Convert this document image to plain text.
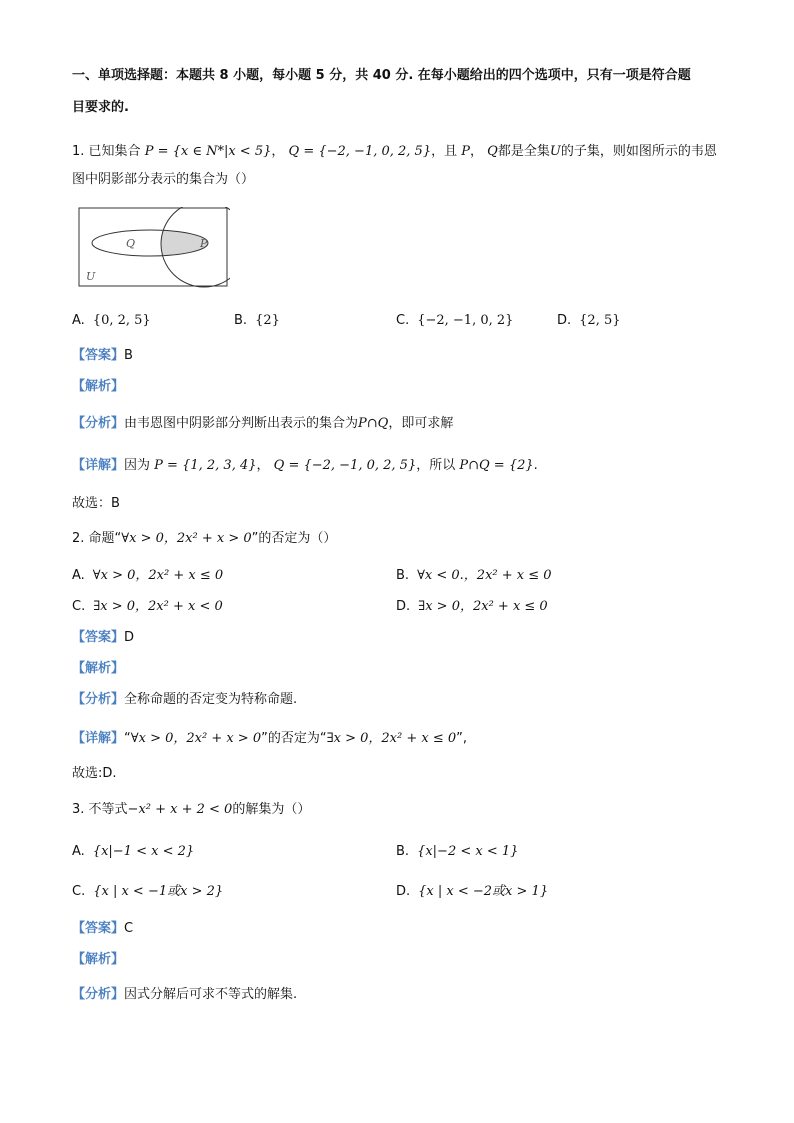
一、单项选择题：本题共 8 小题，每小题 5 分，共 40 分. 在每小题给出的四个选项中，只有一项是符合题
目要求的.
1. 已知集合 P = {x ∈ N*|x < 5}， Q = {−2, −1, 0, 2, 5}，且 P， Q都是全集U的子集，则如图所示的韦恩
图中阴影部分表示的集合为（）
Q	P
U
A. {0, 2, 5}	B. {2}	C. {−2, −1, 0, 2}	D. {2, 5}
【答案】B
【解析】
【分析】由韦恩图中阴影部分判断出表示的集合为P∩Q，即可求解
【详解】因为 P = {1, 2, 3, 4}， Q = {−2, −1, 0, 2, 5}，所以 P∩Q = {2}.
故选：B
2. 命题“∀x > 0，2x² + x > 0”的否定为（）
A. ∀x > 0，2x² + x ≤ 0	B. ∀x < 0.，2x² + x ≤ 0
C. ∃x > 0，2x² + x < 0	D. ∃x > 0，2x² + x ≤ 0
【答案】D
【解析】
【分析】全称命题的否定变为特称命题.
【详解】“∀x > 0，2x² + x > 0”的否定为“∃x > 0，2x² + x ≤ 0”,
故选:D.
3. 不等式−x² + x + 2 < 0的解集为（）
A. {x|−1 < x < 2}	B. {x|−2 < x < 1}
C. {x | x < −1或x > 2}	D. {x | x < −2或x > 1}
【答案】C
【解析】
【分析】因式分解后可求不等式的解集.
